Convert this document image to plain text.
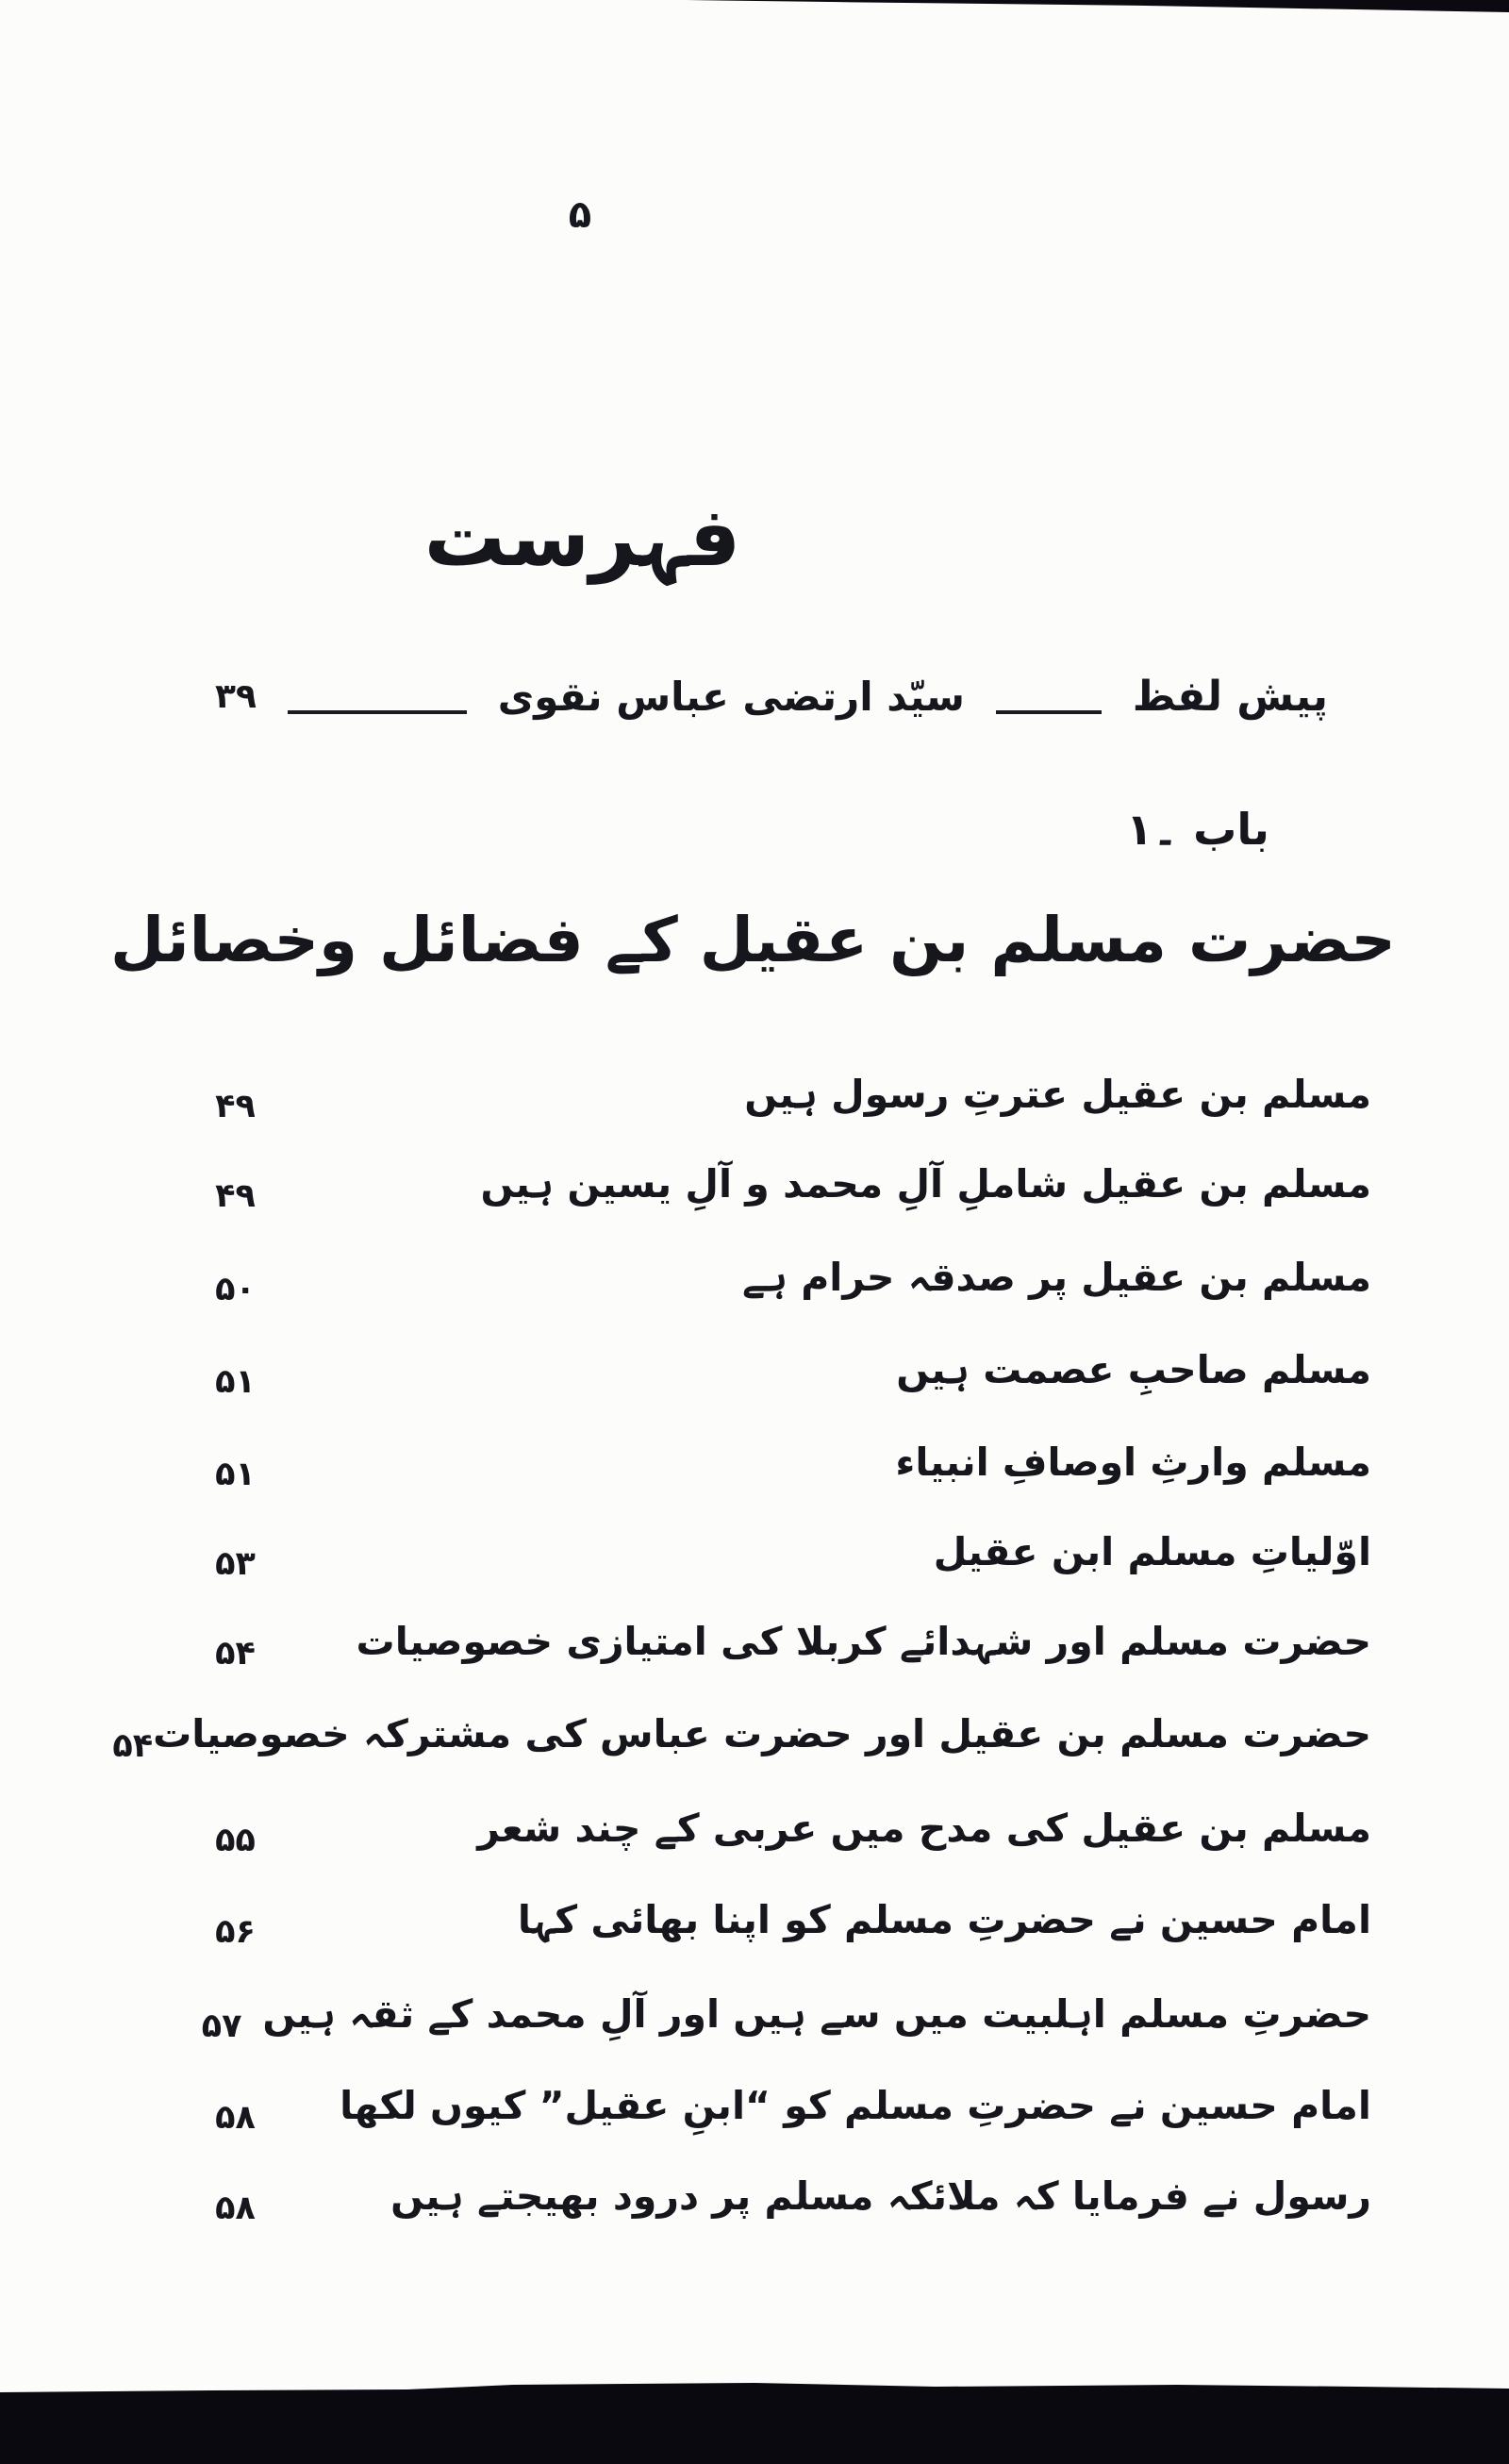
۵
فہرست
پیش لفظ
سیّد ارتضی عباس نقوی
۳۹
باب ۔۱
حضرت مسلم بن عقیل کے فضائل وخصائل
مسلم بن عقیل عترتِ رسول ہیں
۴۹
مسلم بن عقیل شاملِ آلِ محمد و آلِ یسین ہیں
۴۹
مسلم بن عقیل پر صدقہ حرام ہے
۵۰
مسلم صاحبِ عصمت ہیں
۵۱
مسلم وارثِ اوصافِ انبیاء
۵۱
اوّلیاتِ مسلم ابن عقیل
۵۳
حضرت مسلم اور شہدائے کربلا کی امتیازی خصوصیات
۵۴
حضرت مسلم بن عقیل اور حضرت عباس کی مشترکہ خصوصیات
۵۴
مسلم بن عقیل کی مدح میں عربی کے چند شعر
۵۵
امام حسین نے حضرتِ مسلم کو اپنا بھائی کہا
۵۶
حضرتِ مسلم اہلبیت میں سے ہیں اور آلِ محمد کے ثقہ ہیں
۵۷
امام حسین نے حضرتِ مسلم کو “ابنِ عقیل” کیوں لکھا
۵۸
رسول نے فرمایا کہ ملائکہ مسلم پر درود بھیجتے ہیں
۵۸
